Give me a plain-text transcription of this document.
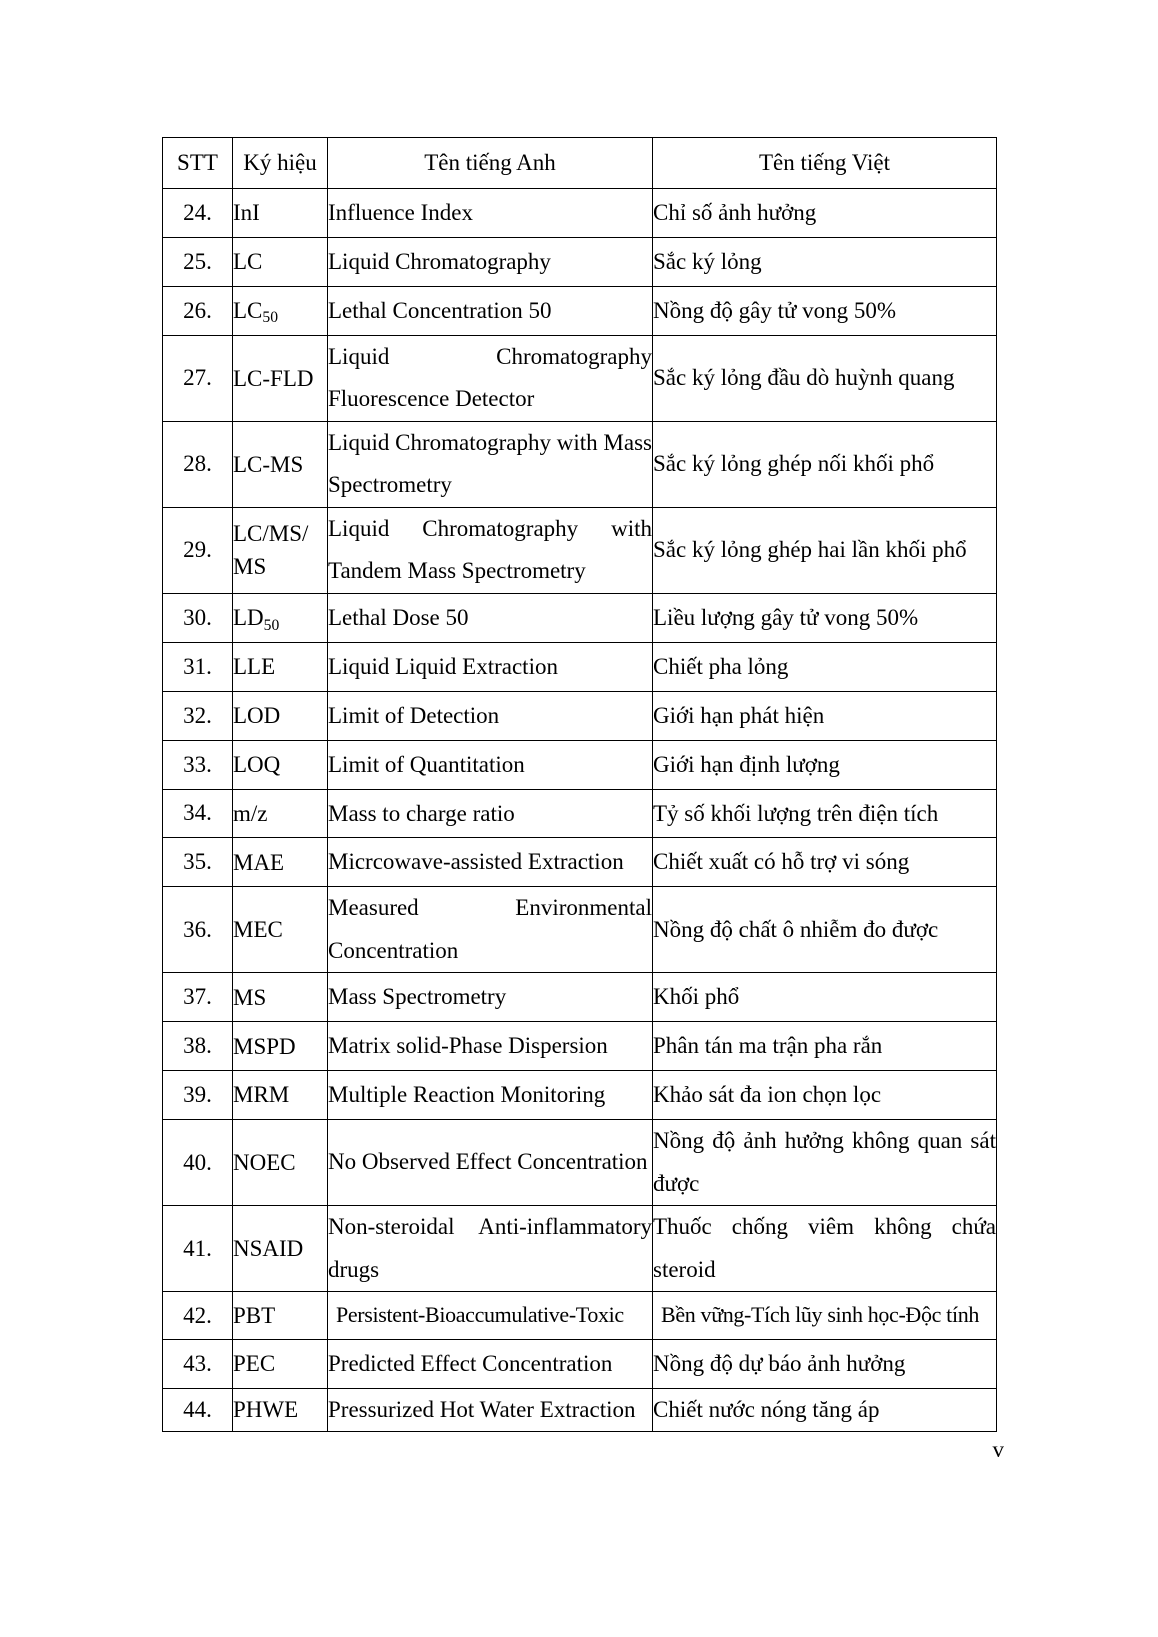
STT	Ký hiệu	Tên tiếng Anh	Tên tiếng Việt
24.	InI	Influence Index	Chỉ số ảnh hưởng
25.	LC	Liquid Chromatography	Sắc ký lỏng
26.	$LC_{50}$	Lethal Concentration 50	Nồng độ gây tử vong 50%
27.	LC-FLD	Liquid Chromatography Fluorescence Detector	Sắc ký lỏng đầu dò huỳnh quang
28.	LC-MS	Liquid Chromatography with Mass Spectrometry	Sắc ký lỏng ghép nối khối phổ
29.	LC/MS/ MS	Liquid Chromatography with Tandem Mass Spectrometry	Sắc ký lỏng ghép hai lần khối phổ
30.	$LD_{50}$	Lethal Dose 50	Liều lượng gây tử vong 50%
31.	LLE	Liquid Liquid Extraction	Chiết pha lỏng
32.	LOD	Limit of Detection	Giới hạn phát hiện
33.	LOQ	Limit of Quantitation	Giới hạn định lượng
34.	m/z	Mass to charge ratio	Tỷ số khối lượng trên điện tích
35.	MAE	Micrcowave-assisted Extraction	Chiết xuất có hỗ trợ vi sóng
36.	MEC	Measured Environmental Concentration	Nồng độ chất ô nhiễm đo được
37.	MS	Mass Spectrometry	Khối phổ
38.	MSPD	Matrix solid-Phase Dispersion	Phân tán ma trận pha rắn
39.	MRM	Multiple Reaction Monitoring	Khảo sát đa ion chọn lọc
40.	NOEC	No Observed Effect Concentration	Nồng độ ảnh hưởng không quan sát được
41.	NSAID	Non-steroidal Anti-inflammatory drugs	Thuốc chống viêm không chứa steroid
42.	PBT	Persistent-Bioaccumulative-Toxic	Bền vững-Tích lũy sinh học-Độc tính
43.	PEC	Predicted Effect Concentration	Nồng độ dự báo ảnh hưởng
44.	PHWE	Pressurized Hot Water Extraction	Chiết nước nóng tăng áp
v
